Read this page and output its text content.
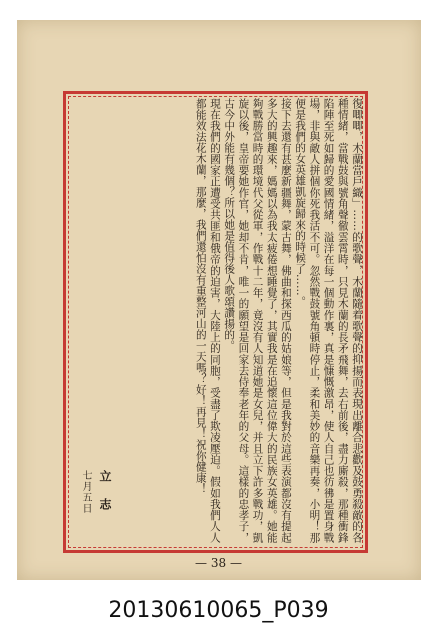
復唧唧，木蘭當戶織」……的歌聲，木蘭隨着歌聲的抑揚而表現出離合悲歡及鼓勇殺敵的各種情緒，當戰鼓與號角聲徹雲霄時，只見木蘭的長矛飛舞，去右前後，盡力廝殺，那種衝鋒陷陣至死如歸的愛國情緒，溢洋在每一個動作裏，真是慷慨激昂，使人自己也彷彿是置身戰場，非與敵人拼個你死我活不可。忽然戰鼓號角頓時停止，柔和美妙的音樂再奏，小明！那便是我們的女英雄凱旋歸來的時候了……。

接下去還有甚麼新疆舞，蒙古舞，佛曲和探西瓜的姑娘等，但是我對於這些表演都沒有提起多大的興趣來，媽媽以為我太疲倦想睡覺了，其實我是在追懷這位偉大的民族女英雄。她能夠戰勝當時的環境代父從軍，作戰十二年，竟沒有人知道她是女兒，并且立下許多戰功，凱旋以後，皇帝要她作官，她却不肯，唯一的願望是回家去侍奉老年的父母。這樣的忠孝子，古今中外能有幾個？所以她是值得後人歌頌讚揚的。

現在我們的國家正遭受共匪和俄帝的迫害，大陸上的同胞，受盡了欺凌壓迫。假如我們人人都能效法花木蘭，那麼，我們還怕沒有重整河山的一天嗎？好！再見！祝你健康！

立 志
七月五日
— 38 —
20130610065_P039
